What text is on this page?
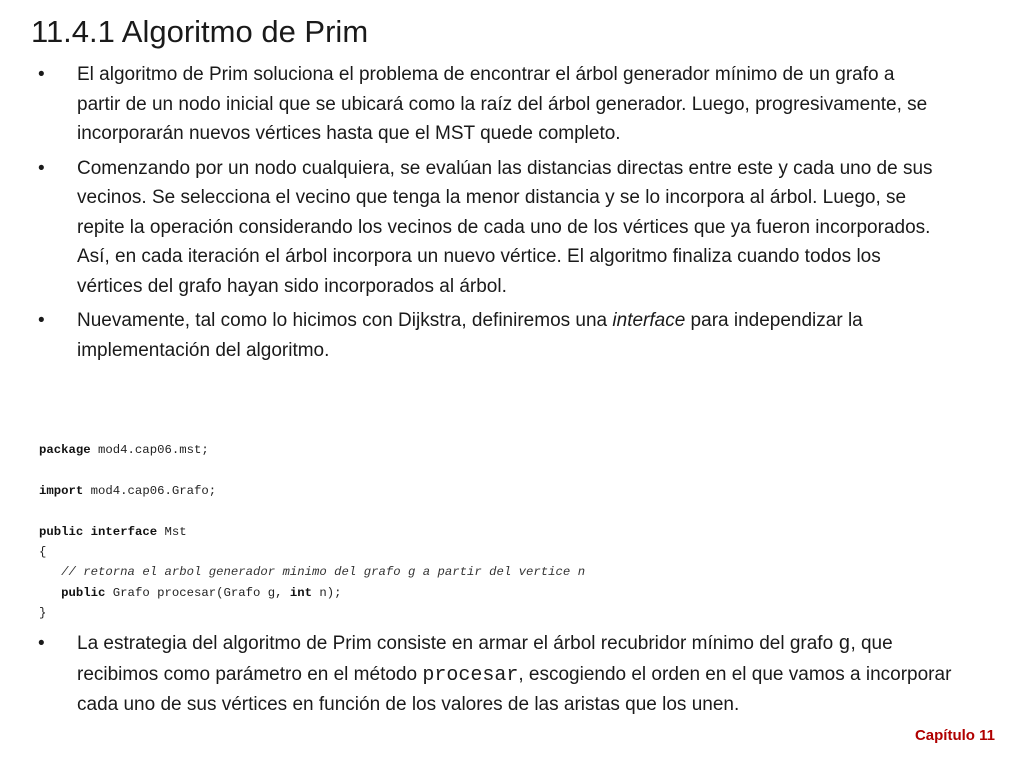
11.4.1 Algoritmo de Prim
•	El algoritmo de Prim soluciona el problema de encontrar el árbol generador mínimo de un grafo a partir de un nodo inicial que se ubicará como la raíz del árbol generador. Luego, progresivamente, se incorporarán nuevos vértices hasta que el MST quede completo.
•	Comenzando por un nodo cualquiera, se evalúan las distancias directas entre este y cada uno de sus vecinos. Se selecciona el vecino que tenga la menor distancia y se lo incorpora al árbol. Luego, se repite la operación considerando los vecinos de cada uno de los vértices que ya fueron incorporados. Así, en cada iteración el árbol incorpora un nuevo vértice. El algoritmo finaliza cuando todos los vértices del grafo hayan sido incorporados al árbol.
•	Nuevamente, tal como lo hicimos con Dijkstra, definiremos una interface para independizar la implementación del algoritmo.
package mod4.cap06.mst;
import mod4.cap06.Grafo;
public interface Mst
{
// retorna el arbol generador minimo del grafo g a partir del vertice n
public Grafo procesar(Grafo g, int n);
}
•	La estrategia del algoritmo de Prim consiste en armar el árbol recubridor mínimo del grafo g, que recibimos como parámetro en el método procesar, escogiendo el orden en el que vamos a incorporar cada uno de sus vértices en función de los valores de las aristas que los unen.
Capítulo 11
